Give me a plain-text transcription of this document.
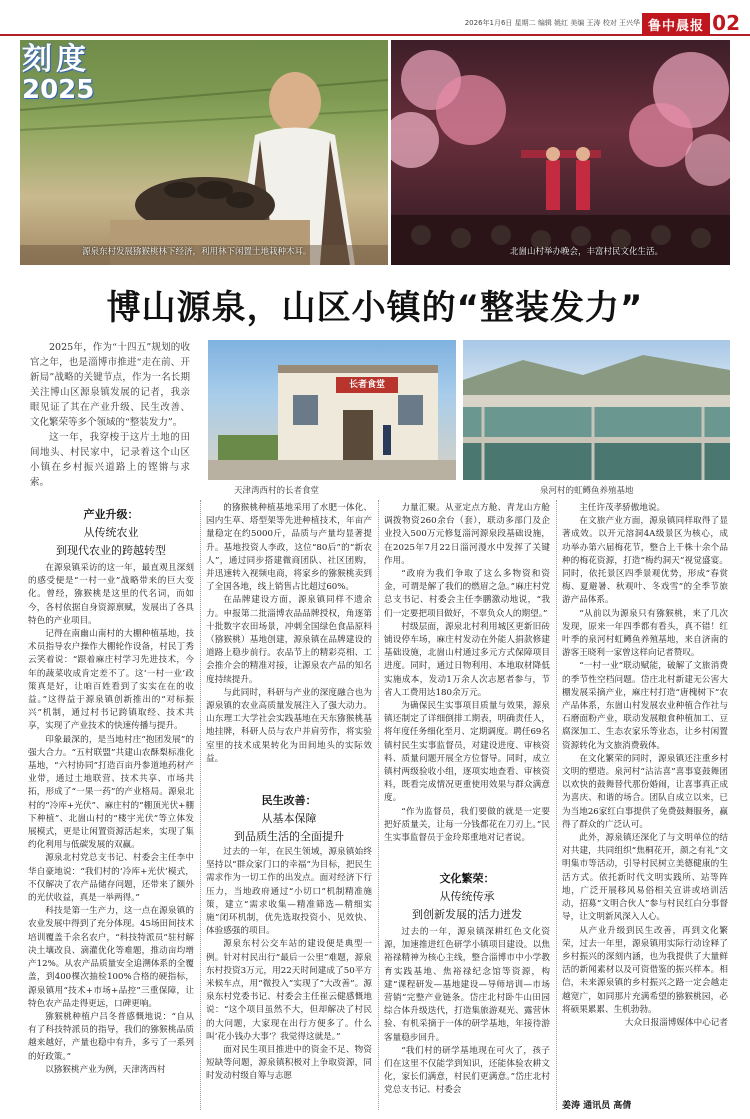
2026年1月6日 星期二 编辑 姚红 美编 王涛 校对 王兴华 鲁中晨报 02
刻度
2025
源泉东村发展猕猴桃林下经济，利用林下闲置土地栽种木耳。	北崮山村举办晚会，丰富村民文化生活。
博山源泉，山区小镇的“整装发力”

2025年，作为“十四五”规划的收官之年，也是淄博市推进“走在前、开新局”战略的关键节点，作为一名长期关注博山区源泉镇发展的记者，我亲眼见证了其在产业升级、民生改善、文化繁荣等多个领域的“整装发力”。

这一年，我穿梭于这片土地的田间地头、村民家中，记录着这个山区小镇在乡村振兴道路上的铿锵与求索。

长者食堂
天津湾西村的长者食堂	泉河村的虹鳟鱼养殖基地
产业升级：
从传统农业
到现代农业的跨越转型

在源泉镇采访的这一年，最直观且深刻的感受便是“一村一业”战略带来的巨大变化。曾经，猕猴桃是这里的代名词，而如今，各村依据自身资源禀赋，发展出了各具特色的产业项目。

记得在南幽山南村的大棚种植基地，技术员指导农户操作大棚轮作设备，村民丁秀云笑着说：“跟着麻庄村学习先进技术，今年的蔬菜收成肯定差不了。这‘一村一业’政策真是好，让咱百姓看到了实实在在的收益。”这得益于源泉镇创新推出的“对标振兴”机制，通过村书记跨镇取经、技术共享，实现了产业技术的快速传播与提升。

印象最深的，是当地村庄“抱团发展”的强大合力。“五村联盟”共建山农酥梨标准化基地，“六村协同”打造百亩丹参道地药材产业带，通过土地联营、技术共享、市场共拓，形成了“一果一药”的产业格局。源泉北村的“冷库+光伏”、麻庄村的“棚顶光伏+棚下种植”、北崮山村的“楼宇光伏”等立体发展模式，更是让闲置资源活起来，实现了集约化利用与低碳发展的双赢。

源泉北村党总支书记、村委会主任李中华自豪地说：“我们村的‘冷库+光伏’模式，不仅解决了农产品储存问题，还带来了额外的光伏收益，真是一举两得。”

科技是第一生产力，这一点在源泉镇的农业发展中得到了充分体现。45场田间技术培训覆盖千余名农户，“科技特派员”驻村解决土壤改良、滴灌优化等难题，推动亩均增产12%。从农产品质量安全追溯体系的全覆盖，到400棵次抽检100%合格的硬指标，源泉镇用“技术+市场+品控”三重保障，让特色农产品走得更远，口碑更响。

猕猴桃种植户吕冬普感慨地说：“自从有了科技特派员的指导，我们的猕猴桃品质越来越好，产量也稳中有升，多亏了一系列的好政策。”

以猕猴桃产业为例，天津湾西村

的猕猴桃种植基地采用了水肥一体化、园内生草、塔型架等先进种植技术，年亩产量稳定在约5000斤，品质与产量均显著提升。基地投资人李政，这位“80后”的“新农人”，通过同步搭建微商团队、社区团购，并迅速转入视频电商，将家乡的猕猴桃卖到了全国各地，线上销售占比超过60%。

在品牌建设方面，源泉镇同样不遗余力。申报第二批淄博农品品牌授权，角逐第十批数字农田场景，冲刺全国绿色食品原料（猕猴桃）基地创建，源泉镇在品牌建设的道路上稳步前行。农品节上的精彩亮相、工会推介会的精准对接，让源泉农产品的知名度持续提升。

与此同时，科研与产业的深度融合也为源泉镇的农业高质量发展注入了强大动力。山东理工大学社会实践基地在天东猕猴桃基地挂牌，科研人员与农户并肩劳作，将实验室里的技术成果转化为田间地头的实际效益。

民生改善：
从基本保障
到品质生活的全面提升

过去的一年，在民生领域，源泉镇始终坚持以“群众家门口的幸福”为目标，把民生需求作为一切工作的出发点。面对经济下行压力，当地政府通过“小切口”机制精准施策，建立“需求收集—精准筛选—精细实施”闭环机制，优先选取投资小、见效快、体验感强的项目。

源泉东村公交车站的建设便是典型一例。针对村民出行“最后一公里”难题，源泉东村投资3万元，用22天时间建成了50平方米候车点，用“微投入”实现了“大改善”。源泉东村党委书记、村委会主任崔云健感慨地说：“这个项目虽然不大，但却解决了村民的大问题，大家现在出行方便多了。什么叫‘花小钱办大事’？我觉得这就是。”

面对民生项目推进中的资金不足、物资短缺等问题，源泉镇积极对上争取资源，同时发动村级自筹与志愿

力量汇聚。从亚定点方舱、青龙山方舱调拨物资260余台（套），联动多部门及企业投入500万元修复淄河源泉段基础设施，在2025年7月22日淄河漫水中发挥了关键作用。

“政府为我们争取了这么多物资和资金，可谓是解了我们的燃眉之急。”麻庄村党总支书记、村委会主任李鹏激动地说，“我们一定要把项目做好，不辜负众人的期望。”

村级层面，源泉北村利用城区更新旧砖铺设停车场，麻庄村发动在外能人捐款修建基础设施，北崮山村通过多元方式保障项目进度。同时，通过日物利用、本地取材降低实施成本，发动1万余人次志愿者参与，节省人工费用达180余万元。

为确保民生实事项目质量与效果，源泉镇还制定了详细倒排工期表，明确责任人，将年度任务细化至月、定期调度。聘任69名镇村民生实事监督员，对建设进度、审核资料、质量问题开展全方位督导。同时，成立镇村两级验收小组，逐项实地查看、审核资料，既看完成情况更重使用效果与群众满意度。

“作为监督员，我们要做的就是一定要把好质量关，让每一分钱都花在刀刃上。”民生实事监督员于金玲郑重地对记者说。

文化繁荣：
从传统传承
到创新发展的活力迸发

过去的一年，源泉镇深耕红色文化资源，加速推进红色研学小镇项目建设。以焦裕禄精神为核心主线，整合淄博市中小学教育实践基地、焦裕禄纪念馆等资源，构建“课程研发—基地建设—导师培训—市场营销”完整产业链条。岱庄北村卧牛山田园综合体升级迭代，打造集旅游观光、露营休验、有机采摘于一体的研学基地，年接待游客量稳步回升。

“我们村的研学基地现在可火了，孩子们在这里不仅能学到知识，还能体验农耕文化，家长们满意，村民们更满意。”岱庄北村党总支书记、村委会

主任许茂孝骄傲地说。

在文旅产业方面，源泉镇同样取得了显著成效。以开元溶洞4A级景区为核心，成功举办第六届梅花节，整合上千株十余个品种的梅花资源，打造“梅约洞天”视觉盛宴。同时，依托景区四季景观优势，形成“春赏梅、夏避暑、秋观叶、冬戏雪”的全季节旅游产品体系。

“从前以为源泉只有猕猴桃，来了几次发现，原来一年四季都有看头，真不错！红叶季的泉河村虹鳟鱼养殖基地，来自济南的游客王晓利一家曾这样向记者赞叹。

“一村一业”联动赋能，破解了文旅消费的季节性空档问题。岱庄北村新建无公害大棚发展采摘产业，麻庄村打造“唐槐树下”农产品体系，东崮山村发展农业种植合作社与石磨面粉产业，联动发展粮食种植加工、豆腐深加工、生态农家乐等业态，让乡村闲置资源转化为文旅消费载体。

在文化繁荣的同时，源泉镇还注重乡村文明的塑造。泉河村“沾沾喜”喜事宴鼓舞团以欢快的鼓舞替代那份婚闹，让喜事真正成为喜庆、和谐的场合。团队自成立以来，已为当地26家红白事提供了免费鼓舞服务，赢得了群众的广泛认可。

此外，源泉镇还深化了与文明单位的结对共建，共同组织“焦桐花开，颜之有礼”文明集市等活动，引导村民树立美德健康的生活方式。依托新时代文明实践所、站等阵地，广泛开展移风易俗相关宣讲或培训活动，招募“文明合伙人”参与村民红白分事督导，让文明新风深入人心。

从产业升级到民生改善，再到文化繁荣，过去一年里，源泉镇用实际行动诠释了乡村振兴的深刻内涵，也为我提供了大量鲜活的新闻素材以及可资借鉴的振兴样本。相信，未来源泉镇的乡村振兴之路一定会越走越宽广，如同那片充满希望的猕猴桃园，必将硕果累累、生机勃勃。

大众日报淄博媒体中心记者

姜涛 通讯员 高倩
